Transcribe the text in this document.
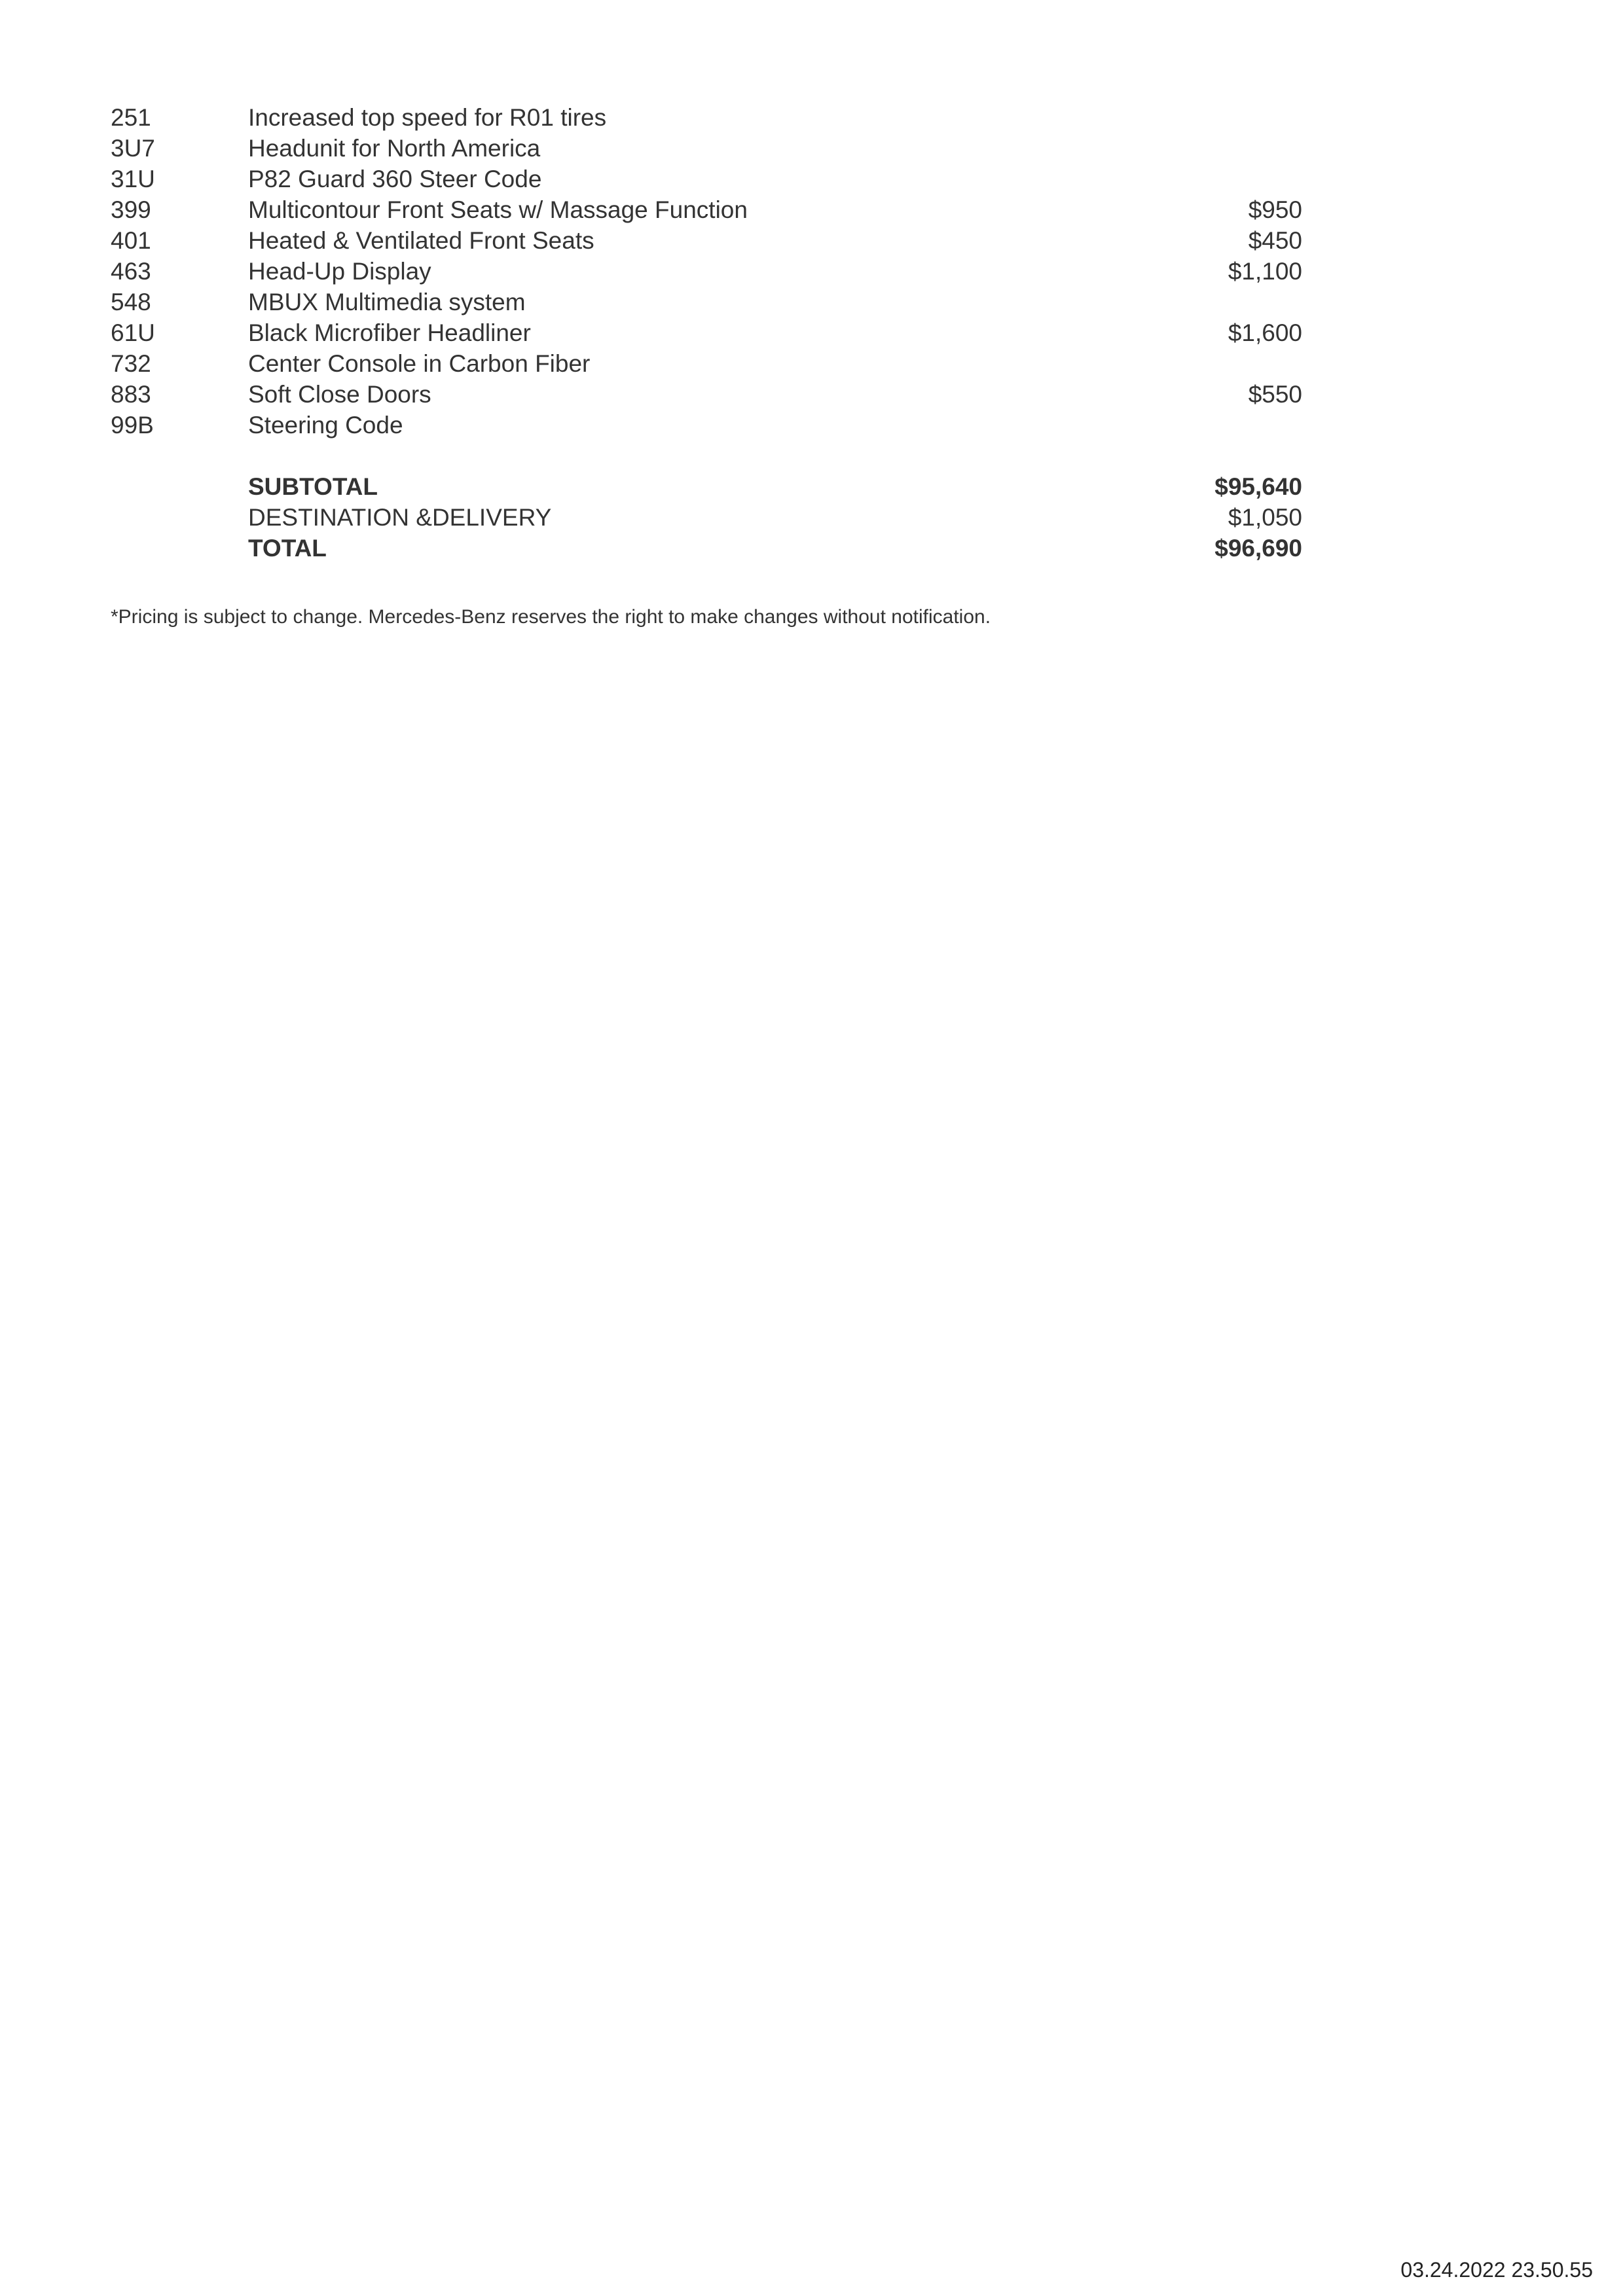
251	Increased top speed for R01 tires
3U7	Headunit for North America
31U	P82 Guard 360 Steer Code
399	Multicontour Front Seats w/ Massage Function	$950
401	Heated & Ventilated Front Seats	$450
463	Head-Up Display	$1,100
548	MBUX Multimedia system
61U	Black Microfiber Headliner	$1,600
732	Center Console in Carbon Fiber
883	Soft Close Doors	$550
99B	Steering Code
SUBTOTAL	$95,640
DESTINATION &DELIVERY	$1,050
TOTAL	$96,690
*Pricing is subject to change. Mercedes-Benz reserves the right to make changes without notification.
03.24.2022 23.50.55
